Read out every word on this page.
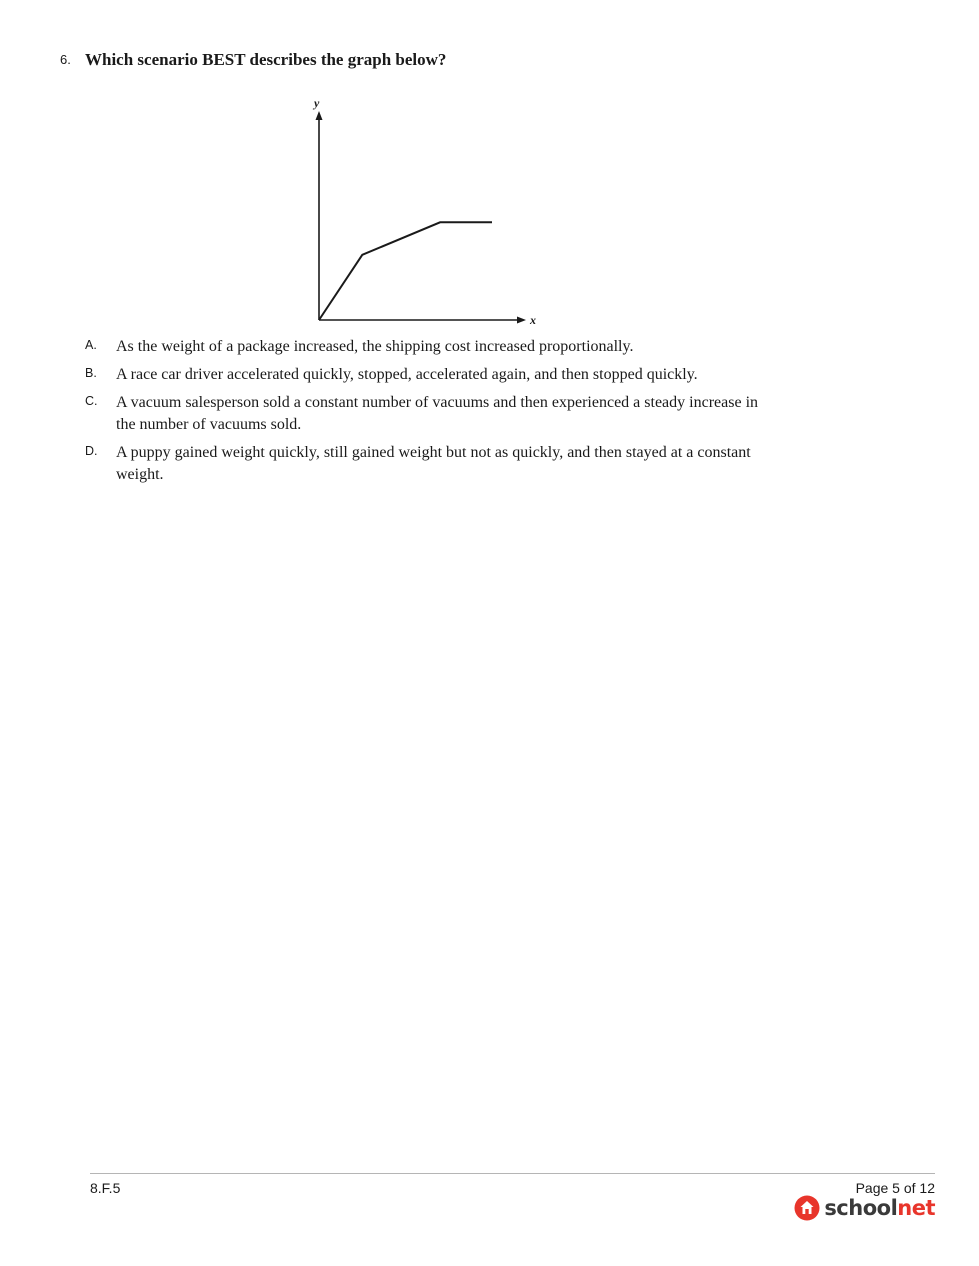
6. Which scenario BEST describes the graph below?
y
x
A. As the weight of a package increased, the shipping cost increased proportionally.
B. A race car driver accelerated quickly, stopped, accelerated again, and then stopped quickly.
C. A vacuum salesperson sold a constant number of vacuums and then experienced a steady increase in the number of vacuums sold.
D. A puppy gained weight quickly, still gained weight but not as quickly, and then stayed at a constant weight.
8.F.5	Page 5 of 12
schoolnet
